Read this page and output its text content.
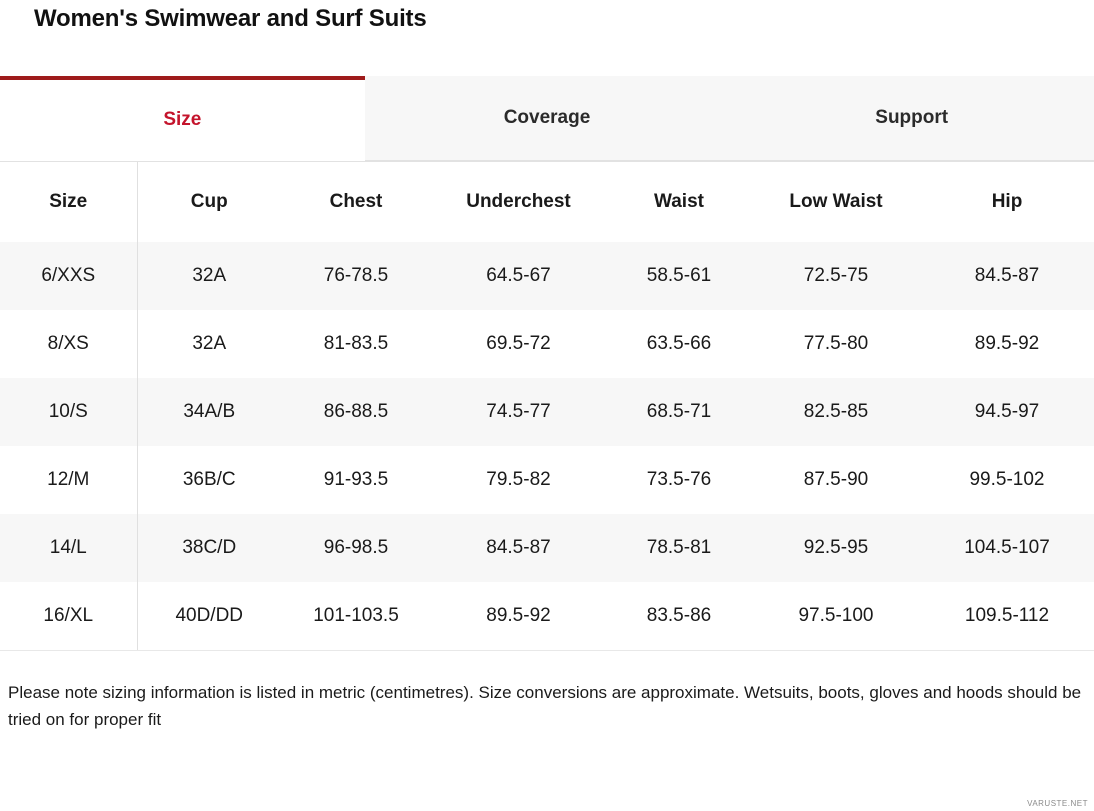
Women's Swimwear and Surf Suits
Size	Coverage	Support
Size	Cup	Chest	Underchest	Waist	Low Waist	Hip
6/XXS	32A	76-78.5	64.5-67	58.5-61	72.5-75	84.5-87
8/XS	32A	81-83.5	69.5-72	63.5-66	77.5-80	89.5-92
10/S	34A/B	86-88.5	74.5-77	68.5-71	82.5-85	94.5-97
12/M	36B/C	91-93.5	79.5-82	73.5-76	87.5-90	99.5-102
14/L	38C/D	96-98.5	84.5-87	78.5-81	92.5-95	104.5-107
16/XL	40D/DD	101-103.5	89.5-92	83.5-86	97.5-100	109.5-112
Please note sizing information is listed in metric (centimetres). Size conversions are approximate. Wetsuits, boots, gloves and hoods should be tried on for proper fit
VARUSTE.NET
